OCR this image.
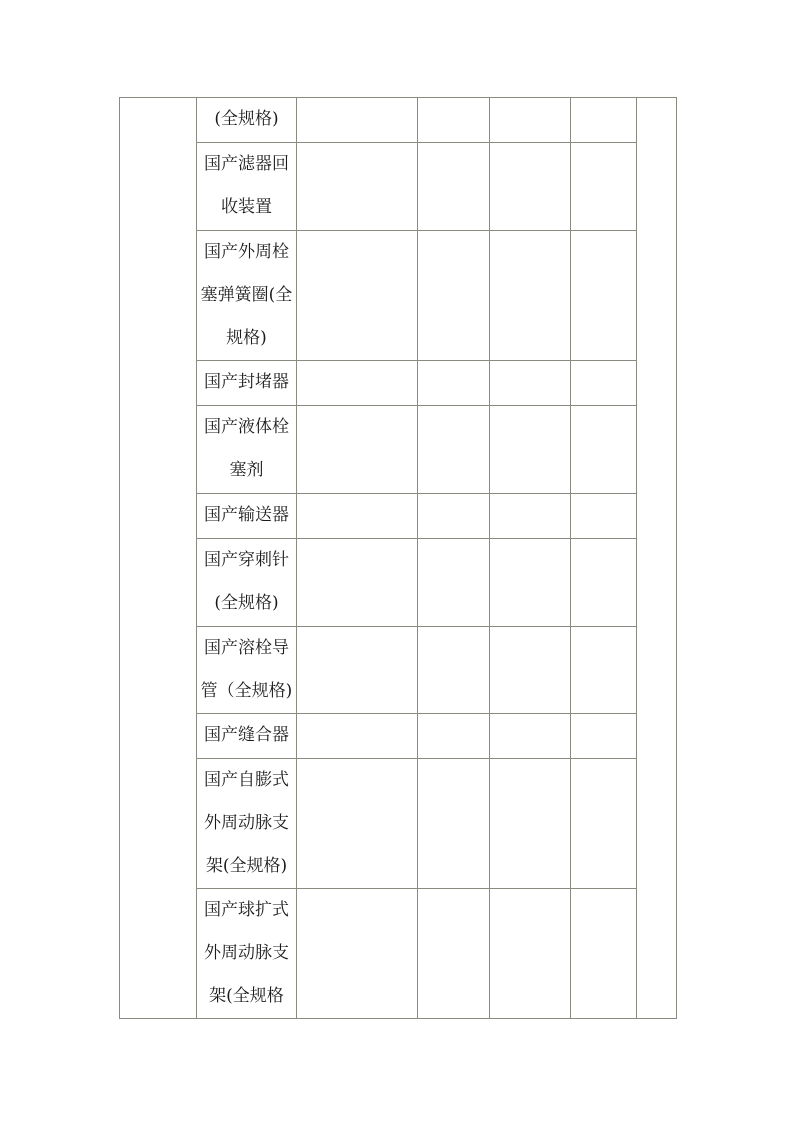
	(全规格)					
	国产滤器回
收装置					
	国产外周栓
塞弹簧圈(全
规格)					
	国产封堵器					
	国产液体栓
塞剂					
	国产输送器					
	国产穿刺针
(全规格)					
	国产溶栓导
管（全规格)					
	国产缝合器					
	国产自膨式
外周动脉支
架(全规格)					
	国产球扩式
外周动脉支
架(全规格					
